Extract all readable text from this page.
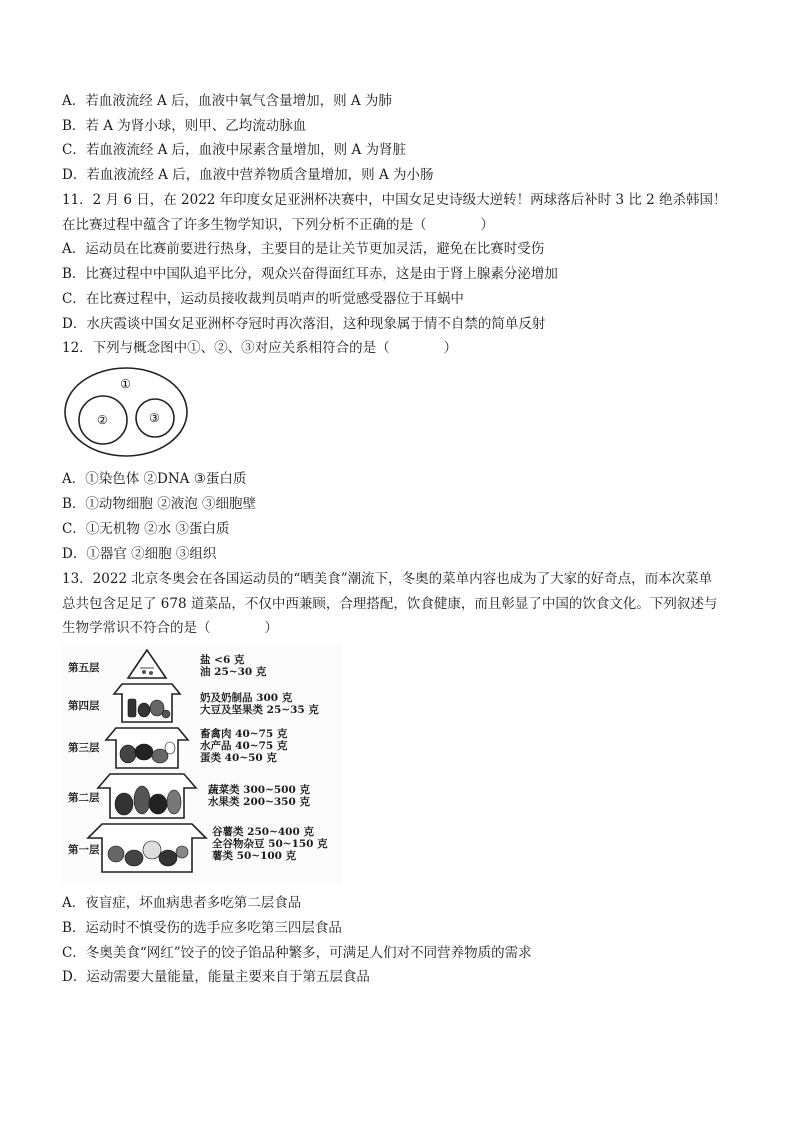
A．若血液流经 A 后，血液中氧气含量增加，则 A 为肺
B．若 A 为肾小球，则甲、乙均流动脉血
C．若血液流经 A 后，血液中尿素含量增加，则 A 为肾脏
D．若血液流经 A 后，血液中营养物质含量增加，则 A 为小肠
11．2 月 6 日，在 2022 年印度女足亚洲杯决赛中，中国女足史诗级大逆转！两球落后补时 3 比 2 绝杀韩国！
在比赛过程中蕴含了许多生物学知识，下列分析不正确的是（　　　　）
A．运动员在比赛前要进行热身，主要目的是让关节更加灵活，避免在比赛时受伤
B．比赛过程中中国队追平比分，观众兴奋得面红耳赤，这是由于肾上腺素分泌增加
C．在比赛过程中，运动员接收裁判员哨声的听觉感受器位于耳蜗中
D．水庆霞谈中国女足亚洲杯夺冠时再次落泪，这种现象属于情不自禁的简单反射
12．下列与概念图中①、②、③对应关系相符合的是（　　　　）
①
②	③
A．①染色体 ②DNA ③蛋白质
B．①动物细胞 ②液泡 ③细胞壁
C．①无机物 ②水 ③蛋白质
D．①器官 ②细胞 ③组织
13．2022 北京冬奥会在各国运动员的“晒美食”潮流下，冬奥的菜单内容也成为了大家的好奇点，而本次菜单
总共包含足足了 678 道菜品，不仅中西兼顾，合理搭配，饮食健康，而且彰显了中国的饮食文化。下列叙述与
生物学常识不符合的是（　　　　）
第五层
第四层
第三层
第二层
第一层
盐 <6 克
油 25~30 克
奶及奶制品 300 克
大豆及坚果类 25~35 克
畜禽肉 40~75 克
水产品 40~75 克
蛋类 40~50 克
蔬菜类 300~500 克
水果类 200~350 克
谷薯类 250~400 克
全谷物杂豆 50~150 克
薯类 50~100 克
A．夜盲症，坏血病患者多吃第二层食品
B．运动时不慎受伤的选手应多吃第三四层食品
C．冬奥美食“网红”饺子的饺子馅品种繁多，可满足人们对不同营养物质的需求
D．运动需要大量能量，能量主要来自于第五层食品
